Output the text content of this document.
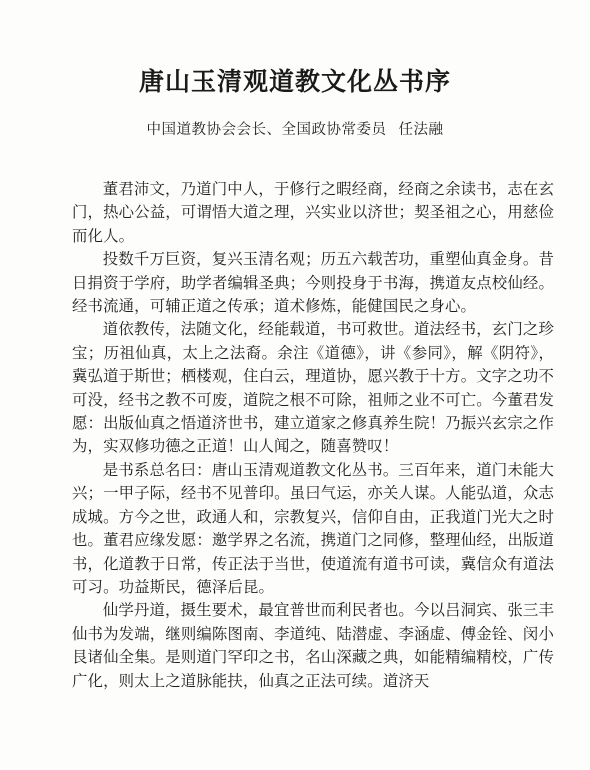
唐山玉清观道教文化丛书序
中国道教协会会长、全国政协常委员 任法融

董君沛文，乃道门中人，于修行之暇经商，经商之余读书，志在玄门，热心公益，可谓悟大道之理，兴实业以济世；契圣祖之心，用慈俭而化人。

投数千万巨资，复兴玉清名观；历五六载苦功，重塑仙真金身。昔日捐资于学府，助学者编辑圣典；今则投身于书海，携道友点校仙经。经书流通，可辅正道之传承；道术修炼，能健国民之身心。

道依教传，法随文化，经能载道，书可救世。道法经书，玄门之珍宝；历祖仙真，太上之法裔。余注《道德》，讲《参同》，解《阴符》，冀弘道于斯世；栖楼观，住白云，理道协，愿兴教于十方。文字之功不可没，经书之教不可废，道院之根不可除，祖师之业不可亡。今董君发愿：出版仙真之悟道济世书，建立道家之修真养生院！乃振兴玄宗之作为，实双修功德之正道！山人闻之，随喜赞叹！

是书系总名曰：唐山玉清观道教文化丛书。三百年来，道门未能大兴；一甲子际，经书不见普印。虽曰气运，亦关人谋。人能弘道，众志成城。方今之世，政通人和，宗教复兴，信仰自由，正我道门光大之时也。董君应缘发愿：邀学界之名流，携道门之同修，整理仙经，出版道书，化道教于日常，传正法于当世，使道流有道书可读，冀信众有道法可习。功益斯民，德泽后昆。

仙学丹道，摄生要术，最宜普世而利民者也。今以吕洞宾、张三丰仙书为发端，继则编陈图南、李道纯、陆潜虚、李涵虚、傅金铨、闵小艮诸仙全集。是则道门罕印之书，名山深藏之典，如能精编精校，广传广化，则太上之道脉能扶，仙真之正法可续。道济天
